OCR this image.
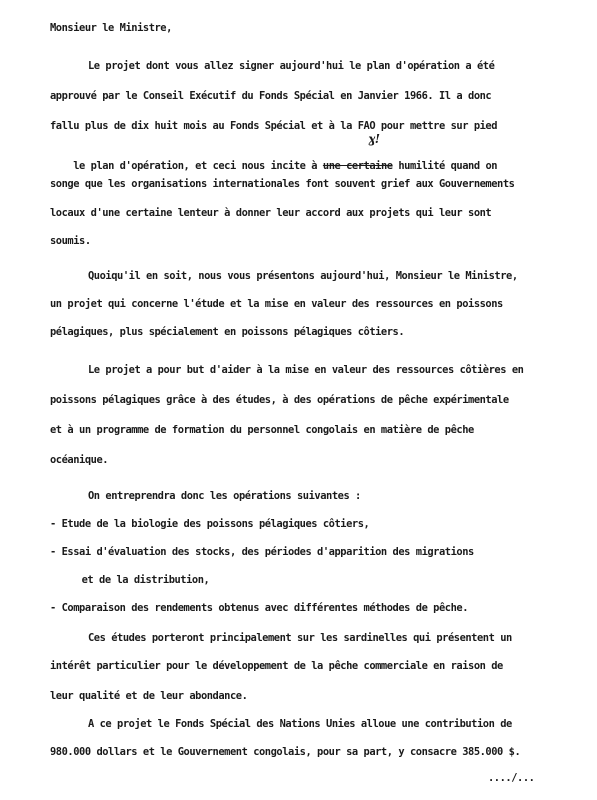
Monsieur le Ministre,
Le projet dont vous allez signer aujourd'hui le plan d'opération a été
approuvé par le Conseil Exécutif du Fonds Spécial en Janvier 1966. Il a donc
fallu plus de dix huit mois au Fonds Spécial et à la FAO pour mettre sur pied

le plan d'opération, et ceci nous incite à une certaine humilité quand on

ɣ!
songe que les organisations internationales font souvent grief aux Gouvernements
locaux d'une certaine lenteur à donner leur accord aux projets qui leur sont
soumis.
Quoiqu'il en soit, nous vous présentons aujourd'hui, Monsieur le Ministre,
un projet qui concerne l'étude et la mise en valeur des ressources en poissons
pélagiques, plus spécialement en poissons pélagiques côtiers.
Le projet a pour but d'aider à la mise en valeur des ressources côtières en
poissons pélagiques grâce à des études, à des opérations de pêche expérimentale
et à un programme de formation du personnel congolais en matière de pêche
océanique.
On entreprendra donc les opérations suivantes :
- Etude de la biologie des poissons pélagiques côtiers,
- Essai d'évaluation des stocks, des périodes d'apparition des migrations
et de la distribution,
- Comparaison des rendements obtenus avec différentes méthodes de pêche.
Ces études porteront principalement sur les sardinelles qui présentent un
intérêt particulier pour le développement de la pêche commerciale en raison de
leur qualité et de leur abondance.
A ce projet le Fonds Spécial des Nations Unies alloue une contribution de
980.000 dollars et le Gouvernement congolais, pour sa part, y consacre 385.000 $.
..../...
